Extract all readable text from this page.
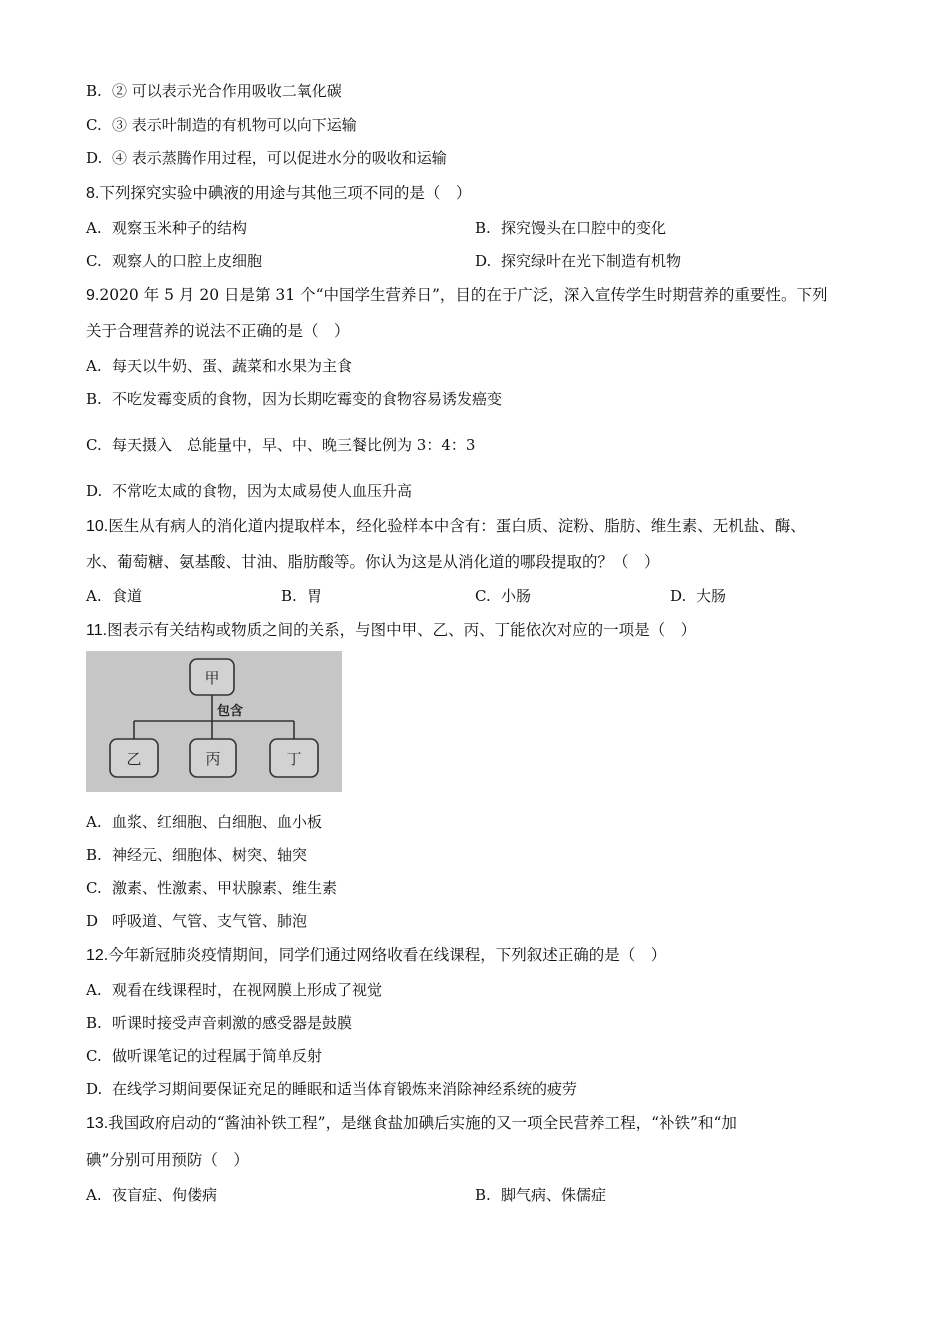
B. ② 可以表示光合作用吸收二氧化碳
C. ③ 表示叶制造的有机物可以向下运输
D. ④ 表示蒸腾作用过程，可以促进水分的吸收和运输
8.下列探究实验中碘液的用途与其他三项不同的是（　）
A. 观察玉米种子的结构	B. 探究馒头在口腔中的变化
C. 观察人的口腔上皮细胞	D. 探究绿叶在光下制造有机物
9.2020 年 5 月 20 日是第 31 个“中国学生营养日”，目的在于广泛，深入宣传学生时期营养的重要性。下列
关于合理营养的说法不正确的是（　）
A. 每天以牛奶、蛋、蔬菜和水果为主食
B. 不吃发霉变质的食物，因为长期吃霉变的食物容易诱发癌变
C. 每天摄入　总能量中，早、中、晚三餐比例为 3：4：3
D. 不常吃太咸的食物，因为太咸易使人血压升高
10.医生从有病人的消化道内提取样本，经化验样本中含有：蛋白质、淀粉、脂肪、维生素、无机盐、酶、
水、葡萄糖、氨基酸、甘油、脂肪酸等。你认为这是从消化道的哪段提取的？（　）
A. 食道	B. 胃	C. 小肠	D. 大肠
11.图表示有关结构或物质之间的关系，与图中甲、乙、丙、丁能依次对应的一项是（　）
甲
包含
乙	丙	丁
A. 血浆、红细胞、白细胞、血小板
B. 神经元、细胞体、树突、轴突
C. 激素、性激素、甲状腺素、维生素
D 呼吸道、气管、支气管、肺泡
12.今年新冠肺炎疫情期间，同学们通过网络收看在线课程，下列叙述正确的是（　）
A. 观看在线课程时，在视网膜上形成了视觉
B. 听课时接受声音刺激的感受器是鼓膜
C. 做听课笔记的过程属于简单反射
D. 在线学习期间要保证充足的睡眠和适当体育锻炼来消除神经系统的疲劳
13.我国政府启动的“酱油补铁工程”，是继食盐加碘后实施的又一项全民营养工程，“补铁”和“加
碘”分别可用预防（　）
A. 夜盲症、佝偻病	B. 脚气病、侏儒症
